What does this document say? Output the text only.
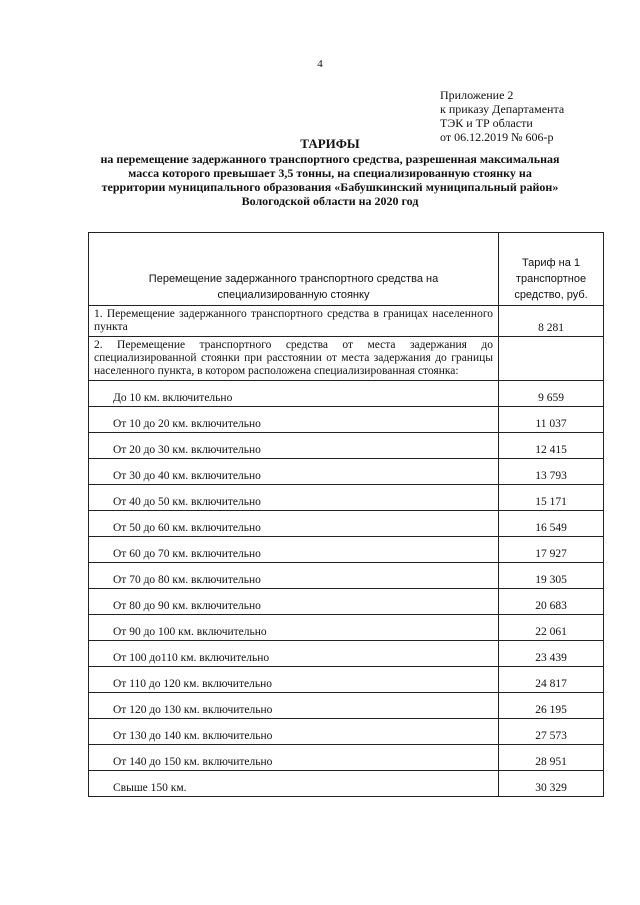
4
Приложение 2
к приказу Департамента
ТЭК и ТР области
от 06.12.2019 № 606-р
ТАРИФЫ
на перемещение задержанного транспортного средства, разрешенная максимальная
масса которого превышает 3,5 тонны, на специализированную стоянку на
территории муниципального образования «Бабушкинский муниципальный район»
Вологодской области на 2020 год
Перемещение задержанного транспортного средства на специализированную стоянку	Тариф на 1 транспортное средство, руб.
1. Перемещение задержанного транспортного средства в границах населенного пункта	8 281
2. Перемещение транспортного средства от места задержания до специализированной стоянки при расстоянии от места задержания до границы населенного пункта, в котором расположена специализированная стоянка:	
До 10 км. включительно	9 659
От 10 до 20 км. включительно	11 037
От 20 до 30 км. включительно	12 415
От 30 до 40 км. включительно	13 793
От 40 до 50 км. включительно	15 171
От 50 до 60 км. включительно	16 549
От 60 до 70 км. включительно	17 927
От 70 до 80 км. включительно	19 305
От 80 до 90 км. включительно	20 683
От 90 до 100 км. включительно	22 061
От 100 до110 км. включительно	23 439
От 110 до 120 км. включительно	24 817
От 120 до 130 км. включительно	26 195
От 130 до 140 км. включительно	27 573
От 140 до 150 км. включительно	28 951
Свыше 150 км.	30 329
